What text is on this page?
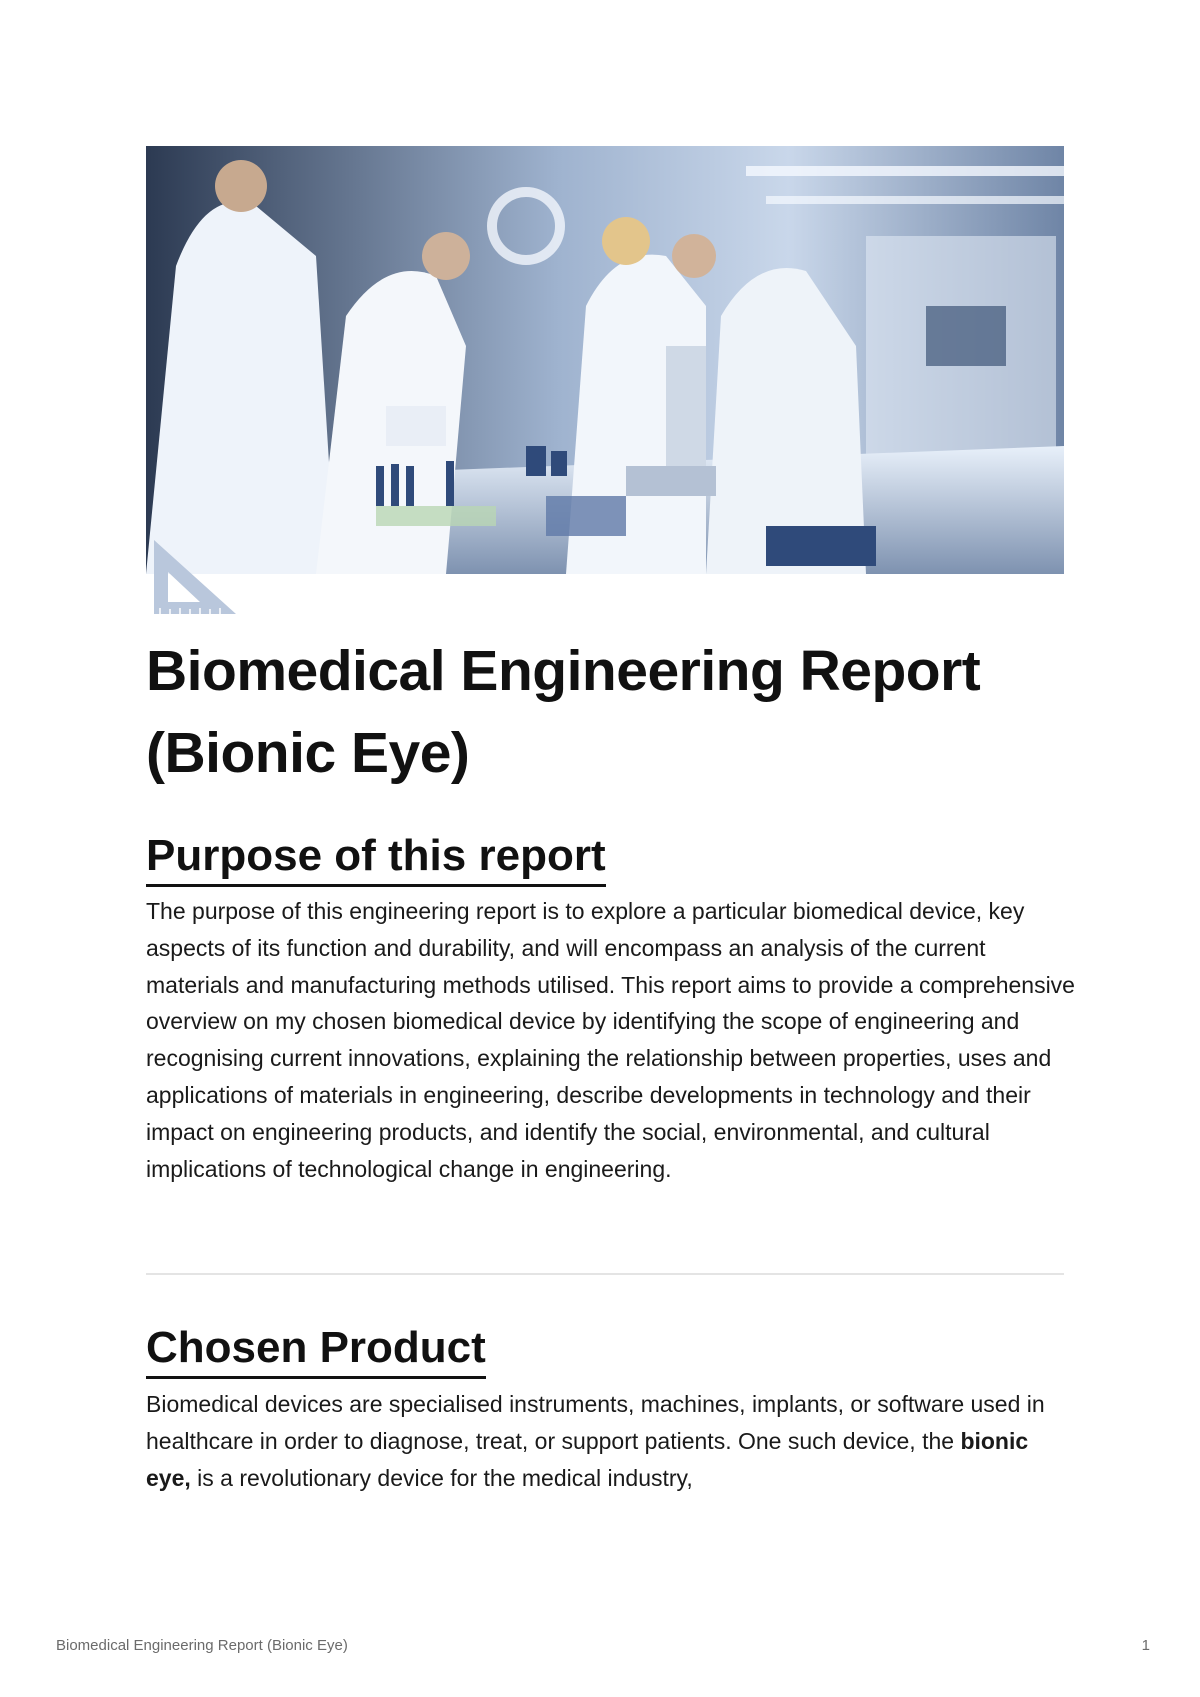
Biomedical Engineering Report
(Bionic Eye)
Purpose of this report

The purpose of this engineering report is to explore a particular biomedical device, key aspects of its function and durability, and will encompass an analysis of the current materials and manufacturing methods utilised. This report aims to provide a comprehensive overview on my chosen biomedical device by identifying the scope of engineering and recognising current innovations, explaining the relationship between properties, uses and applications of materials in engineering, describe developments in technology and their impact on engineering products, and identify the social, environmental, and cultural implications of technological change in engineering.

Chosen Product

Biomedical devices are specialised instruments, machines, implants, or software used in healthcare in order to diagnose, treat, or support patients. One such device, the bionic eye, is a revolutionary device for the medical industry,

Biomedical Engineering Report (Bionic Eye)	1
